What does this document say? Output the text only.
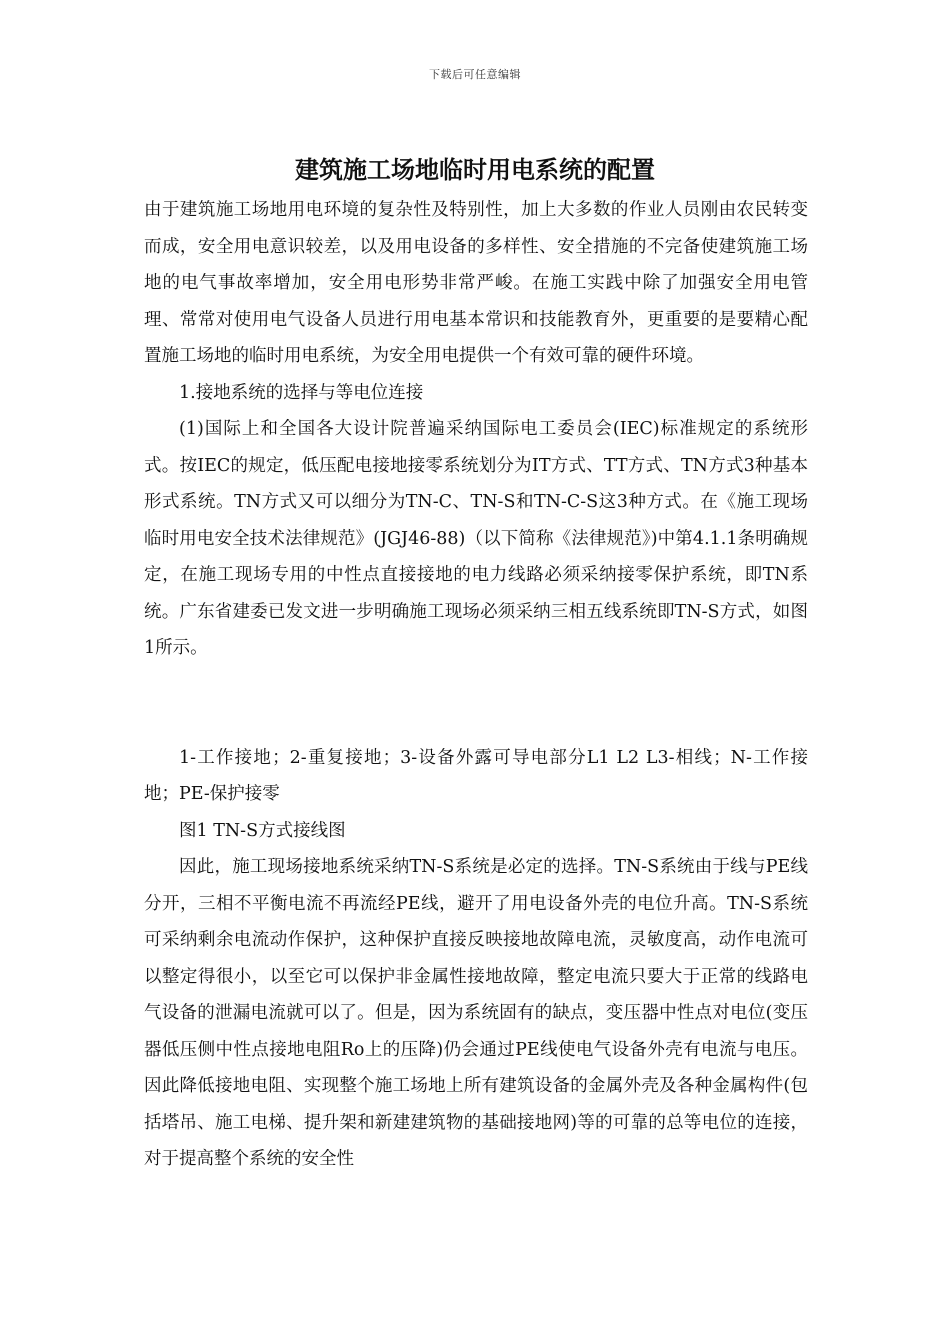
下载后可任意编辑
建筑施工场地临时用电系统的配置

由于建筑施工场地用电环境的复杂性及特别性，加上大多数的作业人员刚由农民转变而成，安全用电意识较差，以及用电设备的多样性、安全措施的不完备使建筑施工场地的电气事故率增加，安全用电形势非常严峻。在施工实践中除了加强安全用电管理、常常对使用电气设备人员进行用电基本常识和技能教育外，更重要的是要精心配置施工场地的临时用电系统，为安全用电提供一个有效可靠的硬件环境。

1.接地系统的选择与等电位连接

(1)国际上和全国各大设计院普遍采纳国际电工委员会(IEC)标准规定的系统形式。按IEC的规定，低压配电接地接零系统划分为IT方式、TT方式、TN方式3种基本形式系统。TN方式又可以细分为TN-C、TN-S和TN-C-S这3种方式。在《施工现场临时用电安全技术法律规范》(JGJ46-88)（以下简称《法律规范》)中第4.1.1条明确规定，在施工现场专用的中性点直接接地的电力线路必须采纳接零保护系统，即TN系统。广东省建委已发文进一步明确施工现场必须采纳三相五线系统即TN-S方式，如图1所示。

1-工作接地；2-重复接地；3-设备外露可导电部分L1 L2 L3-相线；N-工作接地；PE-保护接零

图1 TN-S方式接线图

因此，施工现场接地系统采纳TN-S系统是必定的选择。TN-S系统由于线与PE线分开，三相不平衡电流不再流经PE线，避开了用电设备外壳的电位升高。TN-S系统可采纳剩余电流动作保护，这种保护直接反映接地故障电流，灵敏度高，动作电流可以整定得很小，以至它可以保护非金属性接地故障，整定电流只要大于正常的线路电气设备的泄漏电流就可以了。但是，因为系统固有的缺点，变压器中性点对电位(变压器低压侧中性点接地电阻Ro上的压降)仍会通过PE线使电气设备外壳有电流与电压。因此降低接地电阻、实现整个施工场地上所有建筑设备的金属外壳及各种金属构件(包括塔吊、施工电梯、提升架和新建建筑物的基础接地网)等的可靠的总等电位的连接，对于提高整个系统的安全性
